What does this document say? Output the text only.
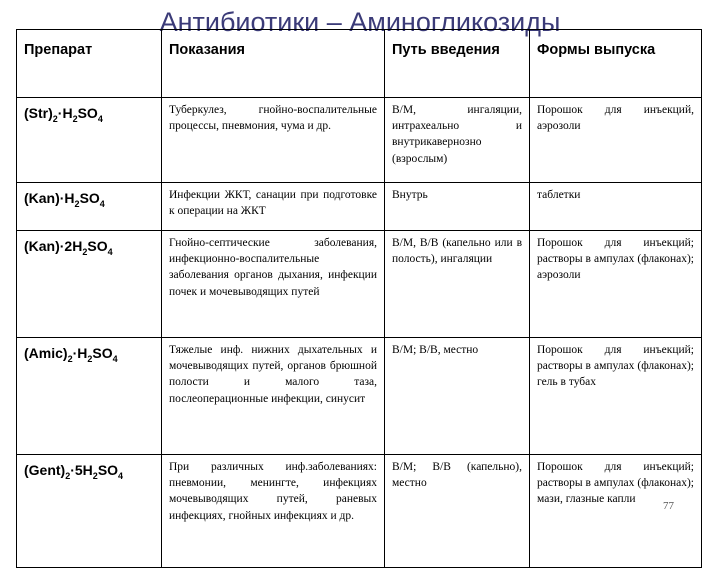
Антибиотики – Аминогликозиды
Препарат	Показания	Путь введения	Формы выпуска
$(Str)_2\cdot H_2SO_4$	Туберкулез, гнойно-воспалительные процессы, пневмония, чума и др.	В/М, ингаляции, интрахеально и внутрикавернозно (взрослым)	Порошок для инъекций, аэрозоли
$(Kan)\cdot H_2SO_4$	Инфекции ЖКТ, санации при подготовке к операции на ЖКТ	Внутрь	таблетки
$(Kan)\cdot 2H_2SO_4$	Гнойно-септические заболевания, инфекционно-воспалительные заболевания органов дыхания, инфекции почек и мочевыводящих путей	В/М, В/В (капельно или в полость), ингаляции	Порошок для инъекций; растворы в ампулах (флаконах); аэрозоли
$(Amic)_2\cdot H_2SO_4$	Тяжелые инф. нижних дыхательных и мочевыводящих путей, органов брюшной полости и малого таза, послеоперационные инфекции, синусит	В/М; В/В, местно	Порошок для инъекций; растворы в ампулах (флаконах); гель в тубах
$(Gent)_2\cdot 5H_2SO_4$	При различных инф.заболеваниях: пневмонии, менингте, инфекциях мочевыводящих путей, раневых инфекциях, гнойных инфекциях и др.	В/М; В/В (капельно), местно	Порошок для инъекций; растворы в ампулах (флаконах); мази, глазные капли
77
